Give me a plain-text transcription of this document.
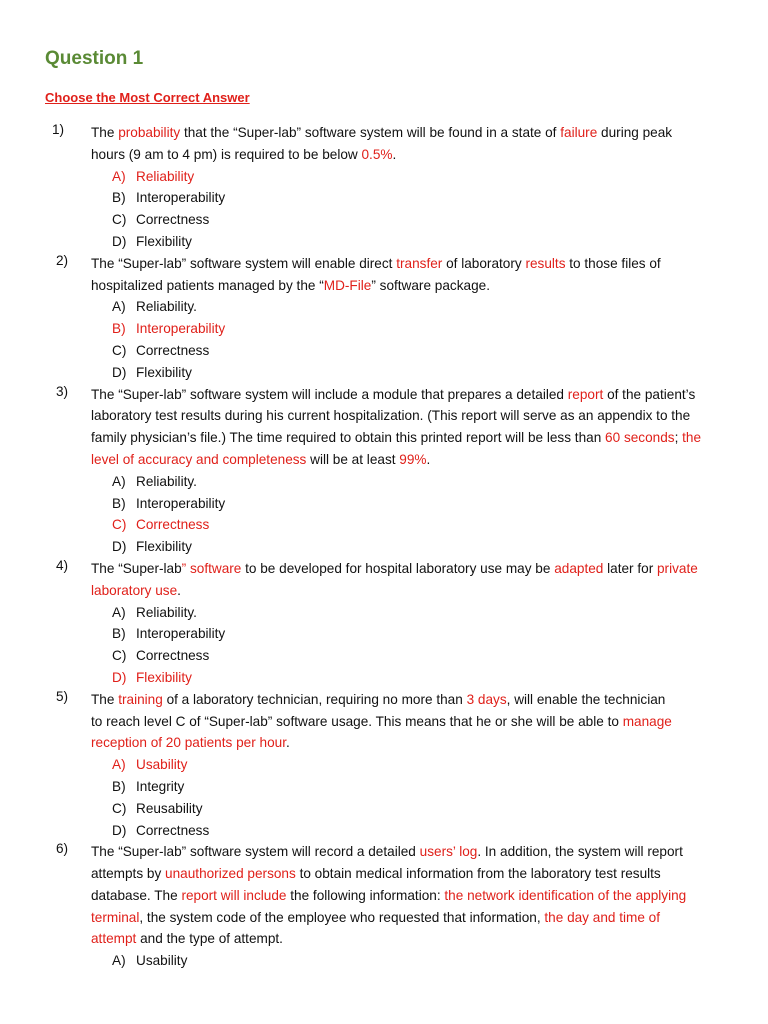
Question 1
Choose the Most Correct Answer
1)	The probability that the “Super-lab” software system will be found in a state of failure during peak
hours (9 am to 4 pm) is required to be below 0.5%.
A) Reliability
B) Interoperability
C) Correctness
D) Flexibility
2)	The “Super-lab” software system will enable direct transfer of laboratory results to those files of
hospitalized patients managed by the “MD-File” software package.
A) Reliability.
B) Interoperability
C) Correctness
D) Flexibility
3)	The “Super-lab” software system will include a module that prepares a detailed report of the patient’s
laboratory test results during his current hospitalization. (This report will serve as an appendix to the
family physician’s file.) The time required to obtain this printed report will be less than 60 seconds; the
level of accuracy and completeness will be at least 99%.
A) Reliability.
B) Interoperability
C) Correctness
D) Flexibility
4)	The “Super-lab” software to be developed for hospital laboratory use may be adapted later for private
laboratory use.
A) Reliability.
B) Interoperability
C) Correctness
D) Flexibility
5)	The training of a laboratory technician, requiring no more than 3 days, will enable the technician
to reach level C of “Super-lab” software usage. This means that he or she will be able to manage
reception of 20 patients per hour.
A) Usability
B) Integrity
C) Reusability
D) Correctness
6)	The “Super-lab” software system will record a detailed users’ log. In addition, the system will report
attempts by unauthorized persons to obtain medical information from the laboratory test results
database. The report will include the following information: the network identification of the applying
terminal, the system code of the employee who requested that information, the day and time of
attempt and the type of attempt.
A) Usability
